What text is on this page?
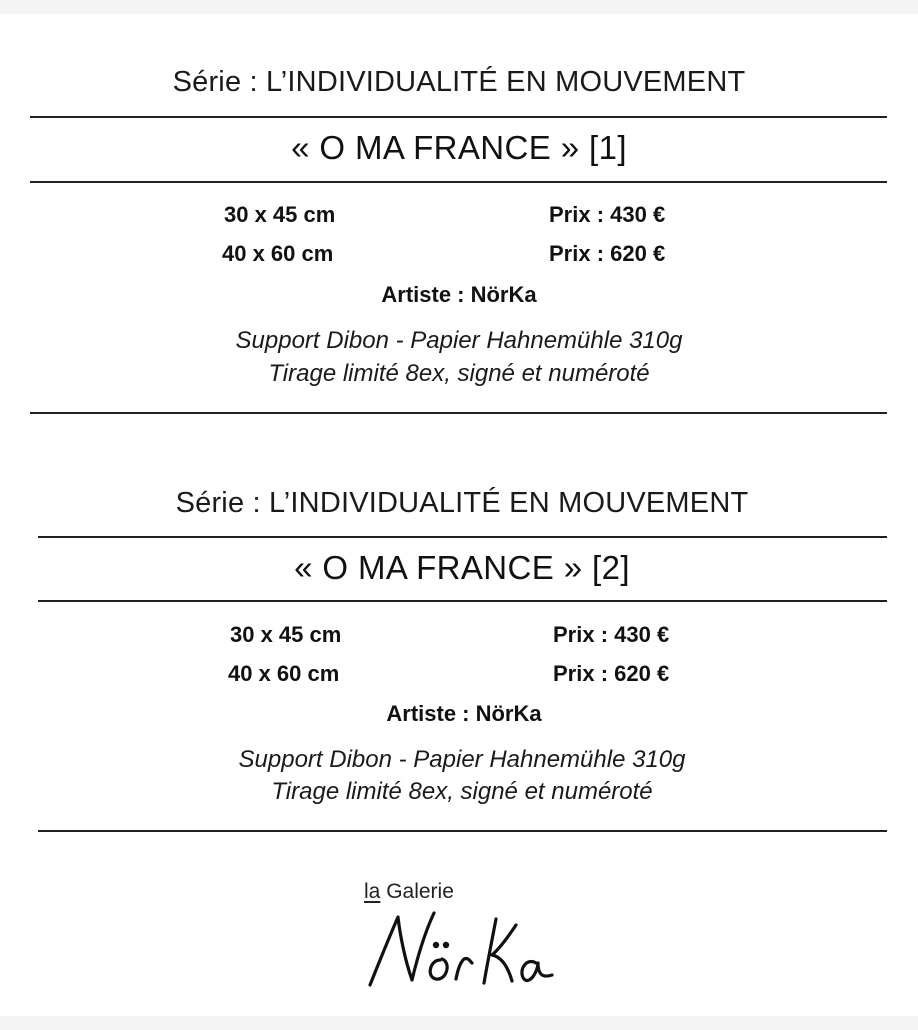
Série : L’INDIVIDUALITÉ EN MOUVEMENT
« O MA FRANCE » [1]
30 x 45 cm	Prix : 430 €
40 x 60 cm	Prix : 620 €
Artiste : NörKa
Support Dibon - Papier Hahnemühle 310g
Tirage limité 8ex, signé et numéroté
Série : L’INDIVIDUALITÉ EN MOUVEMENT
« O MA FRANCE » [2]
30 x 45 cm	Prix : 430 €
40 x 60 cm	Prix : 620 €
Artiste : NörKa
Support Dibon - Papier Hahnemühle 310g
Tirage limité 8ex, signé et numéroté
la Galerie
